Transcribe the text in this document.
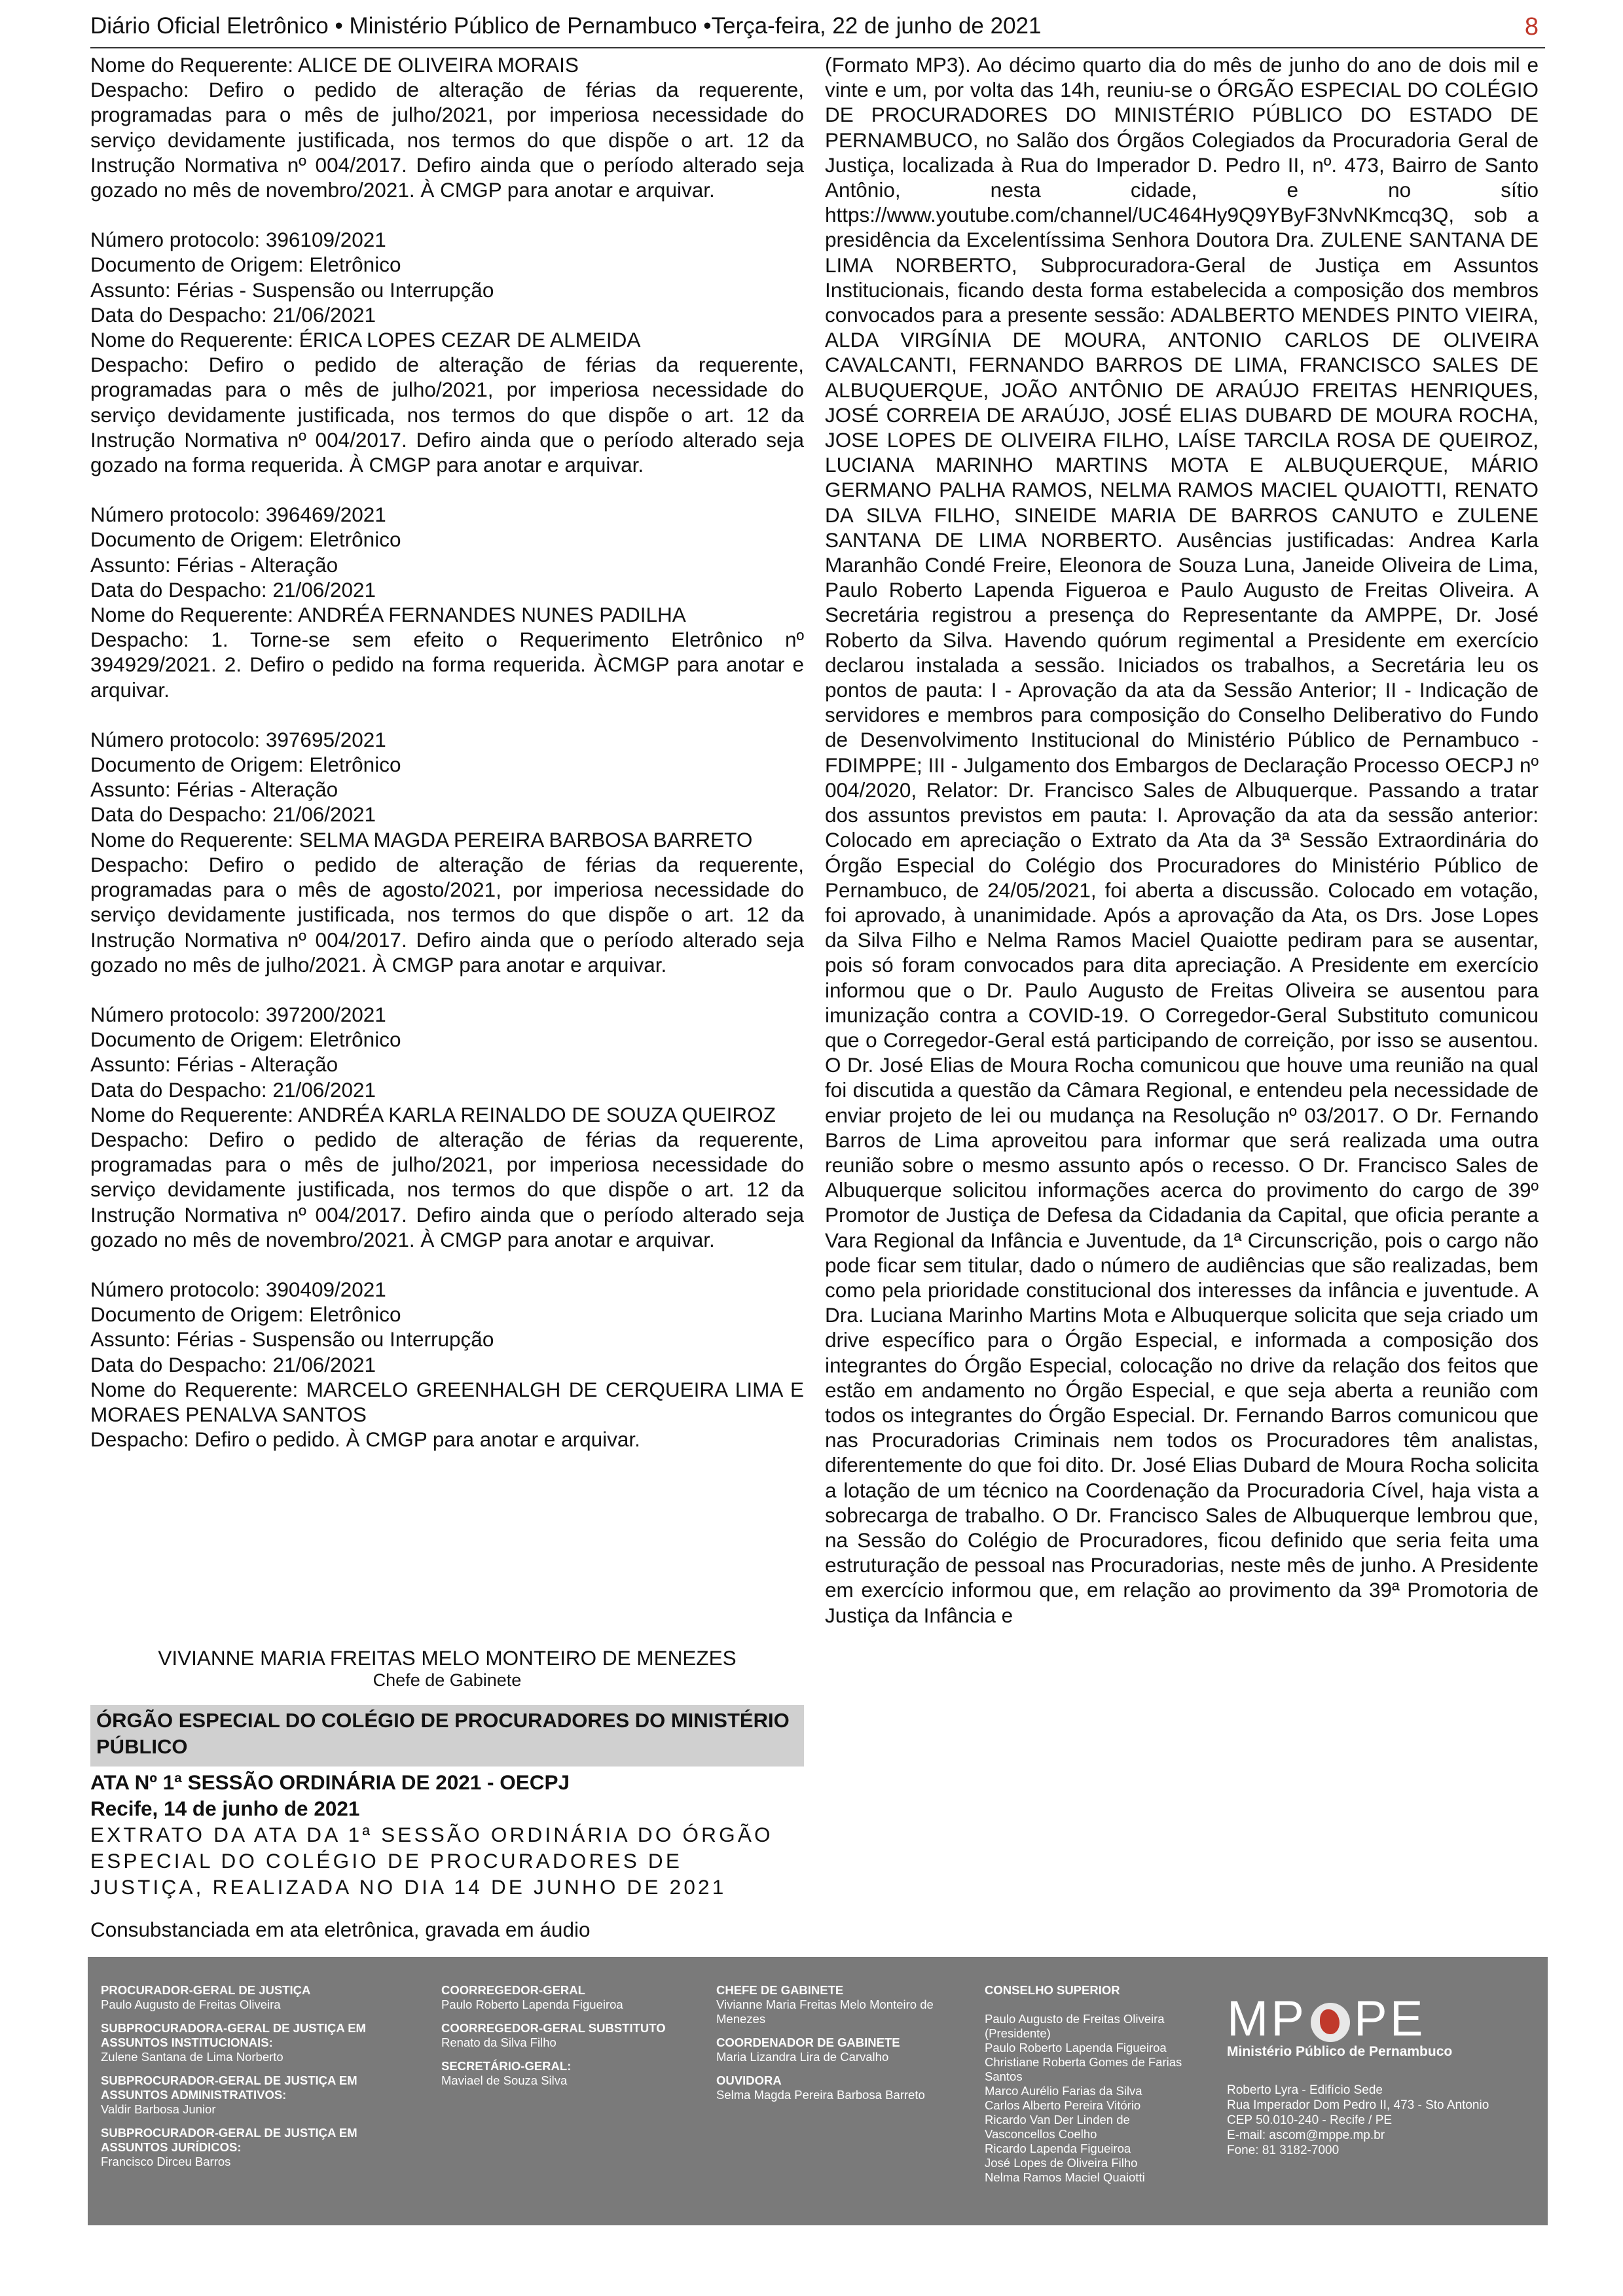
Diário Oficial Eletrônico • Ministério Público de Pernambuco •Terça-feira, 22 de junho de 2021	8

Nome do Requerente: ALICE DE OLIVEIRA MORAIS

Despacho: Defiro o pedido de alteração de férias da requerente, programadas para o mês de julho/2021, por imperiosa necessidade do serviço devidamente justificada, nos termos do que dispõe o art. 12 da Instrução Normativa nº 004/2017. Defiro ainda que o período alterado seja gozado no mês de novembro/2021. À CMGP para anotar e arquivar.

Número protocolo: 396109/2021

Documento de Origem: Eletrônico

Assunto: Férias - Suspensão ou Interrupção

Data do Despacho: 21/06/2021

Nome do Requerente: ÉRICA LOPES CEZAR DE ALMEIDA

Despacho: Defiro o pedido de alteração de férias da requerente, programadas para o mês de julho/2021, por imperiosa necessidade do serviço devidamente justificada, nos termos do que dispõe o art. 12 da Instrução Normativa nº 004/2017. Defiro ainda que o período alterado seja gozado na forma requerida. À CMGP para anotar e arquivar.

Número protocolo: 396469/2021

Documento de Origem: Eletrônico

Assunto: Férias - Alteração

Data do Despacho: 21/06/2021

Nome do Requerente: ANDRÉA FERNANDES NUNES PADILHA

Despacho: 1. Torne-se sem efeito o Requerimento Eletrônico nº 394929/2021. 2. Defiro o pedido na forma requerida. ÀCMGP para anotar e arquivar.

Número protocolo: 397695/2021

Documento de Origem: Eletrônico

Assunto: Férias - Alteração

Data do Despacho: 21/06/2021

Nome do Requerente: SELMA MAGDA PEREIRA BARBOSA BARRETO

Despacho: Defiro o pedido de alteração de férias da requerente, programadas para o mês de agosto/2021, por imperiosa necessidade do serviço devidamente justificada, nos termos do que dispõe o art. 12 da Instrução Normativa nº 004/2017. Defiro ainda que o período alterado seja gozado no mês de julho/2021. À CMGP para anotar e arquivar.

Número protocolo: 397200/2021

Documento de Origem: Eletrônico

Assunto: Férias - Alteração

Data do Despacho: 21/06/2021

Nome do Requerente: ANDRÉA KARLA REINALDO DE SOUZA QUEIROZ

Despacho: Defiro o pedido de alteração de férias da requerente, programadas para o mês de julho/2021, por imperiosa necessidade do serviço devidamente justificada, nos termos do que dispõe o art. 12 da Instrução Normativa nº 004/2017. Defiro ainda que o período alterado seja gozado no mês de novembro/2021. À CMGP para anotar e arquivar.

Número protocolo: 390409/2021

Documento de Origem: Eletrônico

Assunto: Férias - Suspensão ou Interrupção

Data do Despacho: 21/06/2021

Nome do Requerente: MARCELO GREENHALGH DE CERQUEIRA LIMA E MORAES PENALVA SANTOS

Despacho: Defiro o pedido. À CMGP para anotar e arquivar.

VIVIANNE MARIA FREITAS MELO MONTEIRO DE MENEZES
Chefe de Gabinete
ÓRGÃO ESPECIAL DO COLÉGIO DE PROCURADORES DO MINISTÉRIO PÚBLICO
ATA Nº 1ª SESSÃO ORDINÁRIA DE 2021 - OECPJ
Recife, 14 de junho de 2021
EXTRATO DA ATA DA 1ª SESSÃO ORDINÁRIA DO ÓRGÃO ESPECIAL DO COLÉGIO DE PROCURADORES DE JUSTIÇA, REALIZADA NO DIA 14 DE JUNHO DE 2021
Consubstanciada em ata eletrônica, gravada em áudio

(Formato MP3). Ao décimo quarto dia do mês de junho do ano de dois mil e vinte e um, por volta das 14h, reuniu-se o ÓRGÃO ESPECIAL DO COLÉGIO DE PROCURADORES DO MINISTÉRIO PÚBLICO DO ESTADO DE PERNAMBUCO, no Salão dos Órgãos Colegiados da Procuradoria Geral de Justiça, localizada à Rua do Imperador D. Pedro II, nº. 473, Bairro de Santo Antônio, nesta cidade, e no sítio https://www.youtube.com/channel/UC464Hy9Q9YByF3NvNKmcq3Q, sob a presidência da Excelentíssima Senhora Doutora Dra. ZULENE SANTANA DE LIMA NORBERTO, Subprocuradora-Geral de Justiça em Assuntos Institucionais, ficando desta forma estabelecida a composição dos membros convocados para a presente sessão: ADALBERTO MENDES PINTO VIEIRA, ALDA VIRGÍNIA DE MOURA, ANTONIO CARLOS DE OLIVEIRA CAVALCANTI, FERNANDO BARROS DE LIMA, FRANCISCO SALES DE ALBUQUERQUE, JOÃO ANTÔNIO DE ARAÚJO FREITAS HENRIQUES, JOSÉ CORREIA DE ARAÚJO, JOSÉ ELIAS DUBARD DE MOURA ROCHA, JOSE LOPES DE OLIVEIRA FILHO, LAÍSE TARCILA ROSA DE QUEIROZ, LUCIANA MARINHO MARTINS MOTA E ALBUQUERQUE, MÁRIO GERMANO PALHA RAMOS, NELMA RAMOS MACIEL QUAIOTTI, RENATO DA SILVA FILHO, SINEIDE MARIA DE BARROS CANUTO e ZULENE SANTANA DE LIMA NORBERTO. Ausências justificadas: Andrea Karla Maranhão Condé Freire, Eleonora de Souza Luna, Janeide Oliveira de Lima, Paulo Roberto Lapenda Figueroa e Paulo Augusto de Freitas Oliveira. A Secretária registrou a presença do Representante da AMPPE, Dr. José Roberto da Silva. Havendo quórum regimental a Presidente em exercício declarou instalada a sessão. Iniciados os trabalhos, a Secretária leu os pontos de pauta: I - Aprovação da ata da Sessão Anterior; II - Indicação de servidores e membros para composição do Conselho Deliberativo do Fundo de Desenvolvimento Institucional do Ministério Público de Pernambuco - FDIMPPE; III - Julgamento dos Embargos de Declaração Processo OECPJ nº 004/2020, Relator: Dr. Francisco Sales de Albuquerque. Passando a tratar dos assuntos previstos em pauta: I. Aprovação da ata da sessão anterior: Colocado em apreciação o Extrato da Ata da 3ª Sessão Extraordinária do Órgão Especial do Colégio dos Procuradores do Ministério Público de Pernambuco, de 24/05/2021, foi aberta a discussão. Colocado em votação, foi aprovado, à unanimidade. Após a aprovação da Ata, os Drs. Jose Lopes da Silva Filho e Nelma Ramos Maciel Quaiotte pediram para se ausentar, pois só foram convocados para dita apreciação. A Presidente em exercício informou que o Dr. Paulo Augusto de Freitas Oliveira se ausentou para imunização contra a COVID-19. O Corregedor-Geral Substituto comunicou que o Corregedor-Geral está participando de correição, por isso se ausentou. O Dr. José Elias de Moura Rocha comunicou que houve uma reunião na qual foi discutida a questão da Câmara Regional, e entendeu pela necessidade de enviar projeto de lei ou mudança na Resolução nº 03/2017. O Dr. Fernando Barros de Lima aproveitou para informar que será realizada uma outra reunião sobre o mesmo assunto após o recesso. O Dr. Francisco Sales de Albuquerque solicitou informações acerca do provimento do cargo de 39º Promotor de Justiça de Defesa da Cidadania da Capital, que oficia perante a Vara Regional da Infância e Juventude, da 1ª Circunscrição, pois o cargo não pode ficar sem titular, dado o número de audiências que são realizadas, bem como pela prioridade constitucional dos interesses da infância e juventude. A Dra. Luciana Marinho Martins Mota e Albuquerque solicita que seja criado um drive específico para o Órgão Especial, e informada a composição dos integrantes do Órgão Especial, colocação no drive da relação dos feitos que estão em andamento no Órgão Especial, e que seja aberta a reunião com todos os integrantes do Órgão Especial. Dr. Fernando Barros comunicou que nas Procuradorias Criminais nem todos os Procuradores têm analistas, diferentemente do que foi dito. Dr. José Elias Dubard de Moura Rocha solicita a lotação de um técnico na Coordenação da Procuradoria Cível, haja vista a sobrecarga de trabalho. O Dr. Francisco Sales de Albuquerque lembrou que, na Sessão do Colégio de Procuradores, ficou definido que seria feita uma estruturação de pessoal nas Procuradorias, neste mês de junho. A Presidente em exercício informou que, em relação ao provimento da 39ª Promotoria de Justiça da Infância e

PROCURADOR-GERAL DE JUSTIÇA
Paulo Augusto de Freitas Oliveira
SUBPROCURADORA-GERAL DE JUSTIÇA EM ASSUNTOS INSTITUCIONAIS:
Zulene Santana de Lima Norberto
SUBPROCURADOR-GERAL DE JUSTIÇA EM ASSUNTOS ADMINISTRATIVOS:
Valdir Barbosa Junior
SUBPROCURADOR-GERAL DE JUSTIÇA EM ASSUNTOS JURÍDICOS:
Francisco Dirceu Barros
COORREGEDOR-GERAL
Paulo Roberto Lapenda Figueiroa
COORREGEDOR-GERAL SUBSTITUTO
Renato da Silva Filho
SECRETÁRIO-GERAL:
Maviael de Souza Silva
CHEFE DE GABINETE
Vivianne Maria Freitas Melo Monteiro de Menezes
COORDENADOR DE GABINETE
Maria Lizandra Lira de Carvalho
OUVIDORA
Selma Magda Pereira Barbosa Barreto
CONSELHO SUPERIOR
Paulo Augusto de Freitas Oliveira (Presidente)
Paulo Roberto Lapenda Figueiroa
Christiane Roberta Gomes de Farias Santos
Marco Aurélio Farias da Silva
Carlos Alberto Pereira Vitório
Ricardo Van Der Linden de Vasconcellos Coelho
Ricardo Lapenda Figueiroa
José Lopes de Oliveira Filho
Nelma Ramos Maciel Quaiotti
MP PE
Ministério Público de Pernambuco
Roberto Lyra - Edifício Sede
Rua Imperador Dom Pedro II, 473 - Sto Antonio
CEP 50.010-240 - Recife / PE
E-mail: ascom@mppe.mp.br
Fone: 81 3182-7000
